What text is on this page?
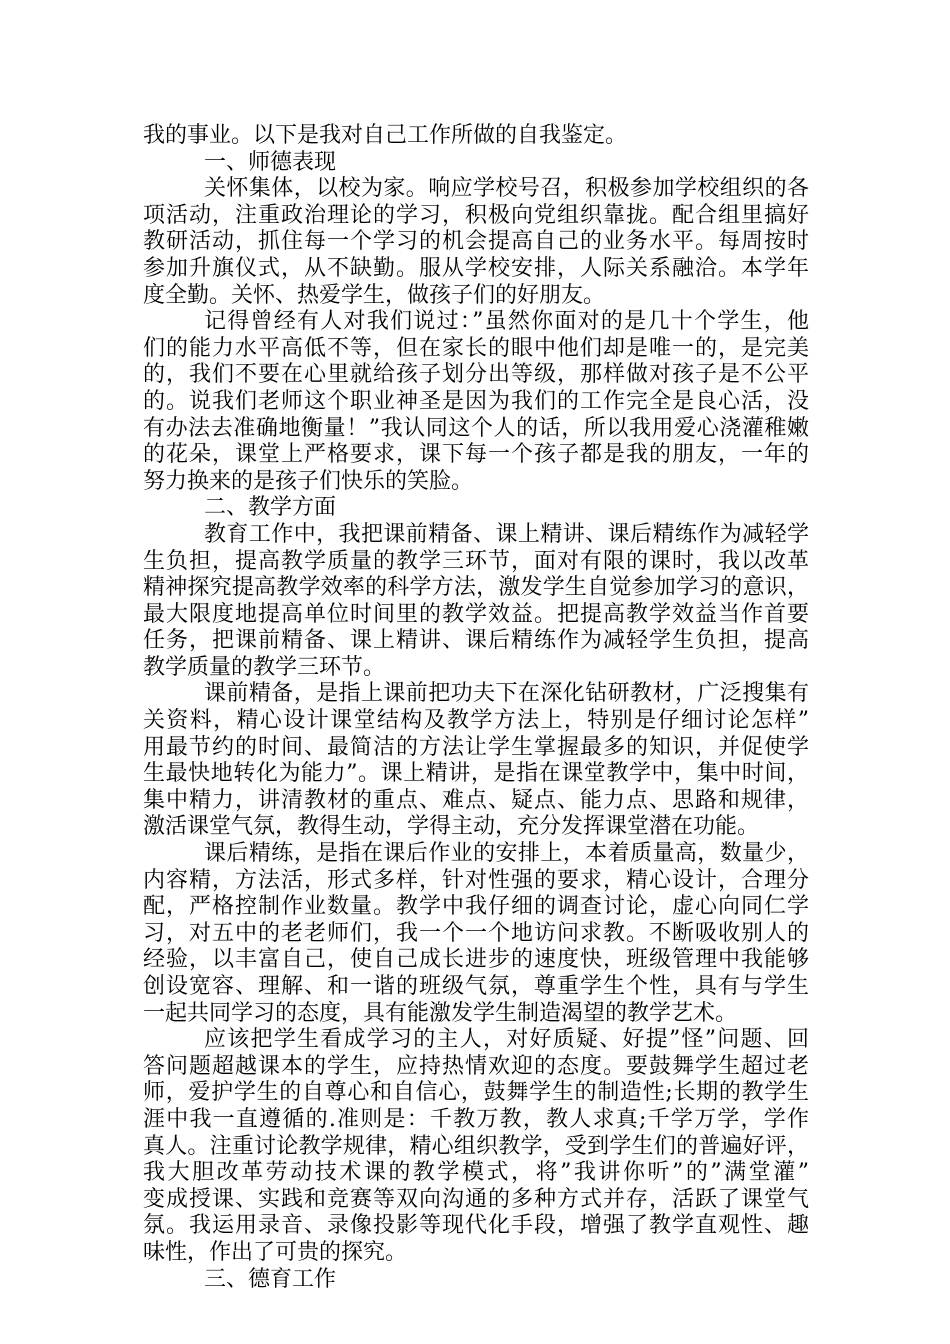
我的事业。以下是我对自己工作所做的自我鉴定。
一、师德表现
关怀集体，以校为家。响应学校号召，积极参加学校组织的各
项活动，注重政治理论的学习，积极向党组织靠拢。配合组里搞好
教研活动，抓住每一个学习的机会提高自己的业务水平。每周按时
参加升旗仪式，从不缺勤。服从学校安排，人际关系融洽。本学年
度全勤。关怀、热爱学生，做孩子们的好朋友。
记得曾经有人对我们说过：”虽然你面对的是几十个学生，他
们的能力水平高低不等，但在家长的眼中他们却是唯一的，是完美
的，我们不要在心里就给孩子划分出等级，那样做对孩子是不公平
的。说我们老师这个职业神圣是因为我们的工作完全是良心活，没
有办法去准确地衡量！”我认同这个人的话，所以我用爱心浇灌稚嫩
的花朵，课堂上严格要求，课下每一个孩子都是我的朋友，一年的
努力换来的是孩子们快乐的笑脸。
二、教学方面
教育工作中，我把课前精备、课上精讲、课后精练作为减轻学
生负担，提高教学质量的教学三环节，面对有限的课时，我以改革
精神探究提高教学效率的科学方法，激发学生自觉参加学习的意识，
最大限度地提高单位时间里的教学效益。把提高教学效益当作首要
任务，把课前精备、课上精讲、课后精练作为减轻学生负担，提高
教学质量的教学三环节。
课前精备，是指上课前把功夫下在深化钻研教材，广泛搜集有
关资料，精心设计课堂结构及教学方法上，特别是仔细讨论怎样”
用最节约的时间、最简洁的方法让学生掌握最多的知识，并促使学
生最快地转化为能力”。课上精讲，是指在课堂教学中，集中时间，
集中精力，讲清教材的重点、难点、疑点、能力点、思路和规律，
激活课堂气氛，教得生动，学得主动，充分发挥课堂潜在功能。
课后精练，是指在课后作业的安排上，本着质量高，数量少，
内容精，方法活，形式多样，针对性强的要求，精心设计，合理分
配，严格控制作业数量。教学中我仔细的调查讨论，虚心向同仁学
习，对五中的老老师们，我一个一个地访问求教。不断吸收别人的
经验，以丰富自己，使自己成长进步的速度快，班级管理中我能够
创设宽容、理解、和一谐的班级气氛，尊重学生个性，具有与学生
一起共同学习的态度，具有能激发学生制造渴望的教学艺术。
应该把学生看成学习的主人，对好质疑、好提”怪”问题、回
答问题超越课本的学生，应持热情欢迎的态度。要鼓舞学生超过老
师，爱护学生的自尊心和自信心，鼓舞学生的制造性;长期的教学生
涯中我一直遵循的.准则是：千教万教，教人求真;千学万学，学作
真人。注重讨论教学规律，精心组织教学，受到学生们的普遍好评，
我大胆改革劳动技术课的教学模式，将”我讲你听”的”满堂灌”
变成授课、实践和竞赛等双向沟通的多种方式并存，活跃了课堂气
氛。我运用录音、录像投影等现代化手段，增强了教学直观性、趣
味性，作出了可贵的探究。
三、德育工作
